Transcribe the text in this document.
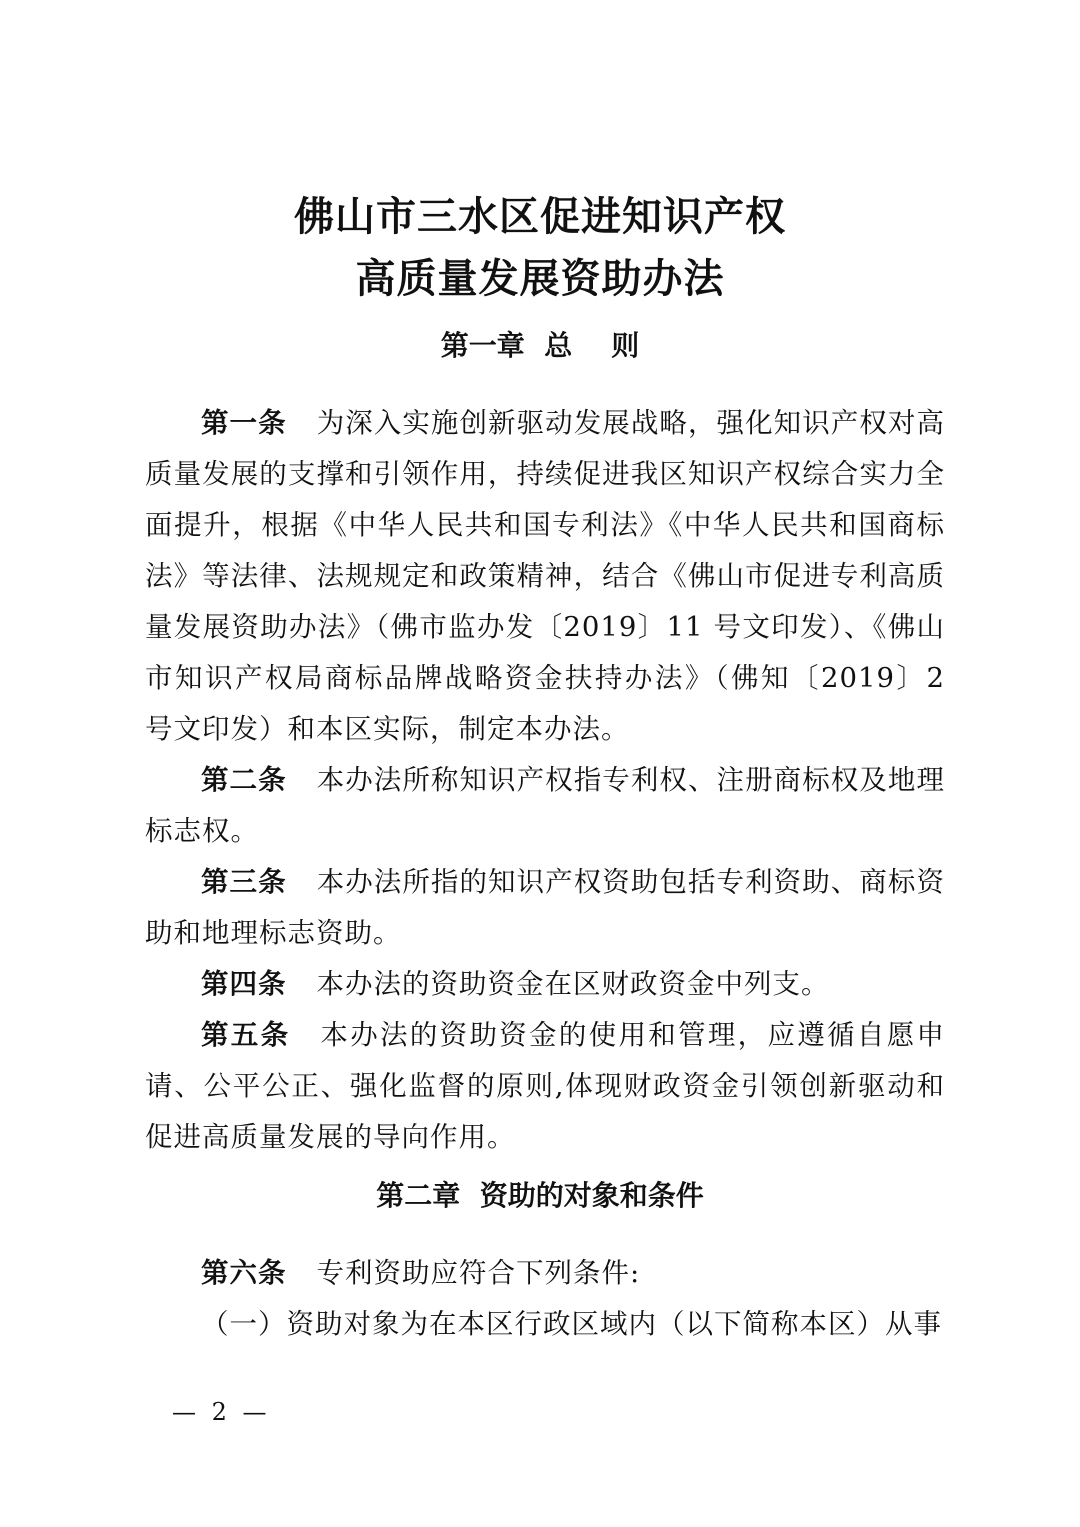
佛山市三水区促进知识产权

高质量发展资助办法

第一章  总    则

第一条 为深入实施创新驱动发展战略，强化知识产权对高质量发展的支撑和引领作用，持续促进我区知识产权综合实力全面提升，根据《中华人民共和国专利法》《中华人民共和国商标法》等法律、法规规定和政策精神，结合《佛山市促进专利高质量发展资助办法》（佛市监办发〔2019〕11 号文印发）、《佛山市知识产权局商标品牌战略资金扶持办法》（佛知〔2019〕2 号文印发）和本区实际，制定本办法。

第二条 本办法所称知识产权指专利权、注册商标权及地理标志权。

第三条 本办法所指的知识产权资助包括专利资助、商标资助和地理标志资助。

第四条 本办法的资助资金在区财政资金中列支。

第五条 本办法的资助资金的使用和管理，应遵循自愿申请、公平公正、强化监督的原则,体现财政资金引领创新驱动和促进高质量发展的导向作用。

第二章  资助的对象和条件

第六条 专利资助应符合下列条件:

（一）资助对象为在本区行政区域内（以下简称本区）从事

— 2 —
